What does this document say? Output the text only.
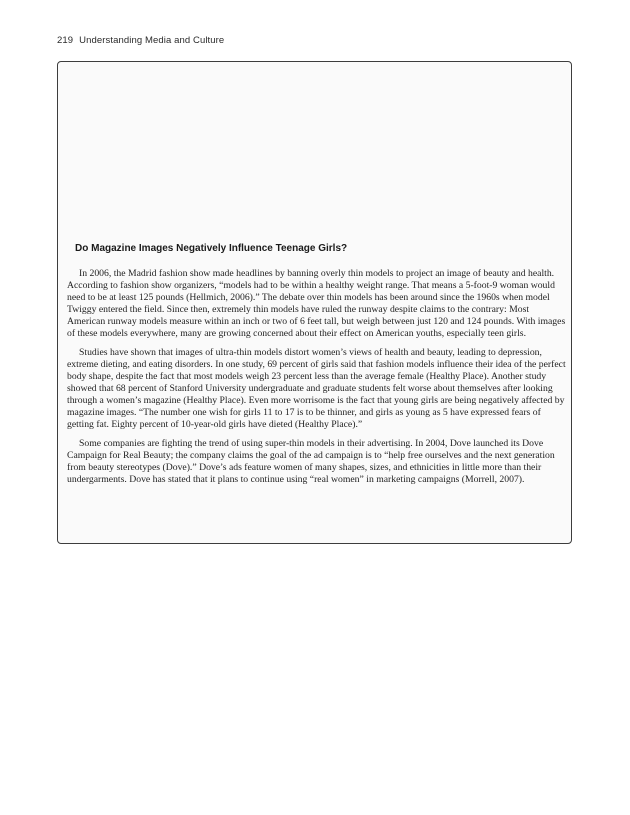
219 Understanding Media and Culture
Do Magazine Images Negatively Influence Teenage Girls?

In 2006, the Madrid fashion show made headlines by banning overly thin models to project an image of beauty and health. According to fashion show organizers, “models had to be within a healthy weight range. That means a 5-foot-9 woman would need to be at least 125 pounds (Hellmich, 2006).” The debate over thin models has been around since the 1960s when model Twiggy entered the field. Since then, extremely thin models have ruled the runway despite claims to the contrary: Most American runway models measure within an inch or two of 6 feet tall, but weigh between just 120 and 124 pounds. With images of these models everywhere, many are growing concerned about their effect on American youths, especially teen girls.

Studies have shown that images of ultra-thin models distort women’s views of health and beauty, leading to depression, extreme dieting, and eating disorders. In one study, 69 percent of girls said that fashion models influence their idea of the perfect body shape, despite the fact that most models weigh 23 percent less than the average female (Healthy Place). Another study showed that 68 percent of Stanford University undergraduate and graduate students felt worse about themselves after looking through a women’s magazine (Healthy Place). Even more worrisome is the fact that young girls are being negatively affected by magazine images. “The number one wish for girls 11 to 17 is to be thinner, and girls as young as 5 have expressed fears of getting fat. Eighty percent of 10-year-old girls have dieted (Healthy Place).”

Some companies are fighting the trend of using super-thin models in their advertising. In 2004, Dove launched its Dove Campaign for Real Beauty; the company claims the goal of the ad campaign is to “help free ourselves and the next generation from beauty stereotypes (Dove).” Dove’s ads feature women of many shapes, sizes, and ethnicities in little more than their undergarments. Dove has stated that it plans to continue using “real women” in marketing campaigns (Morrell, 2007).
